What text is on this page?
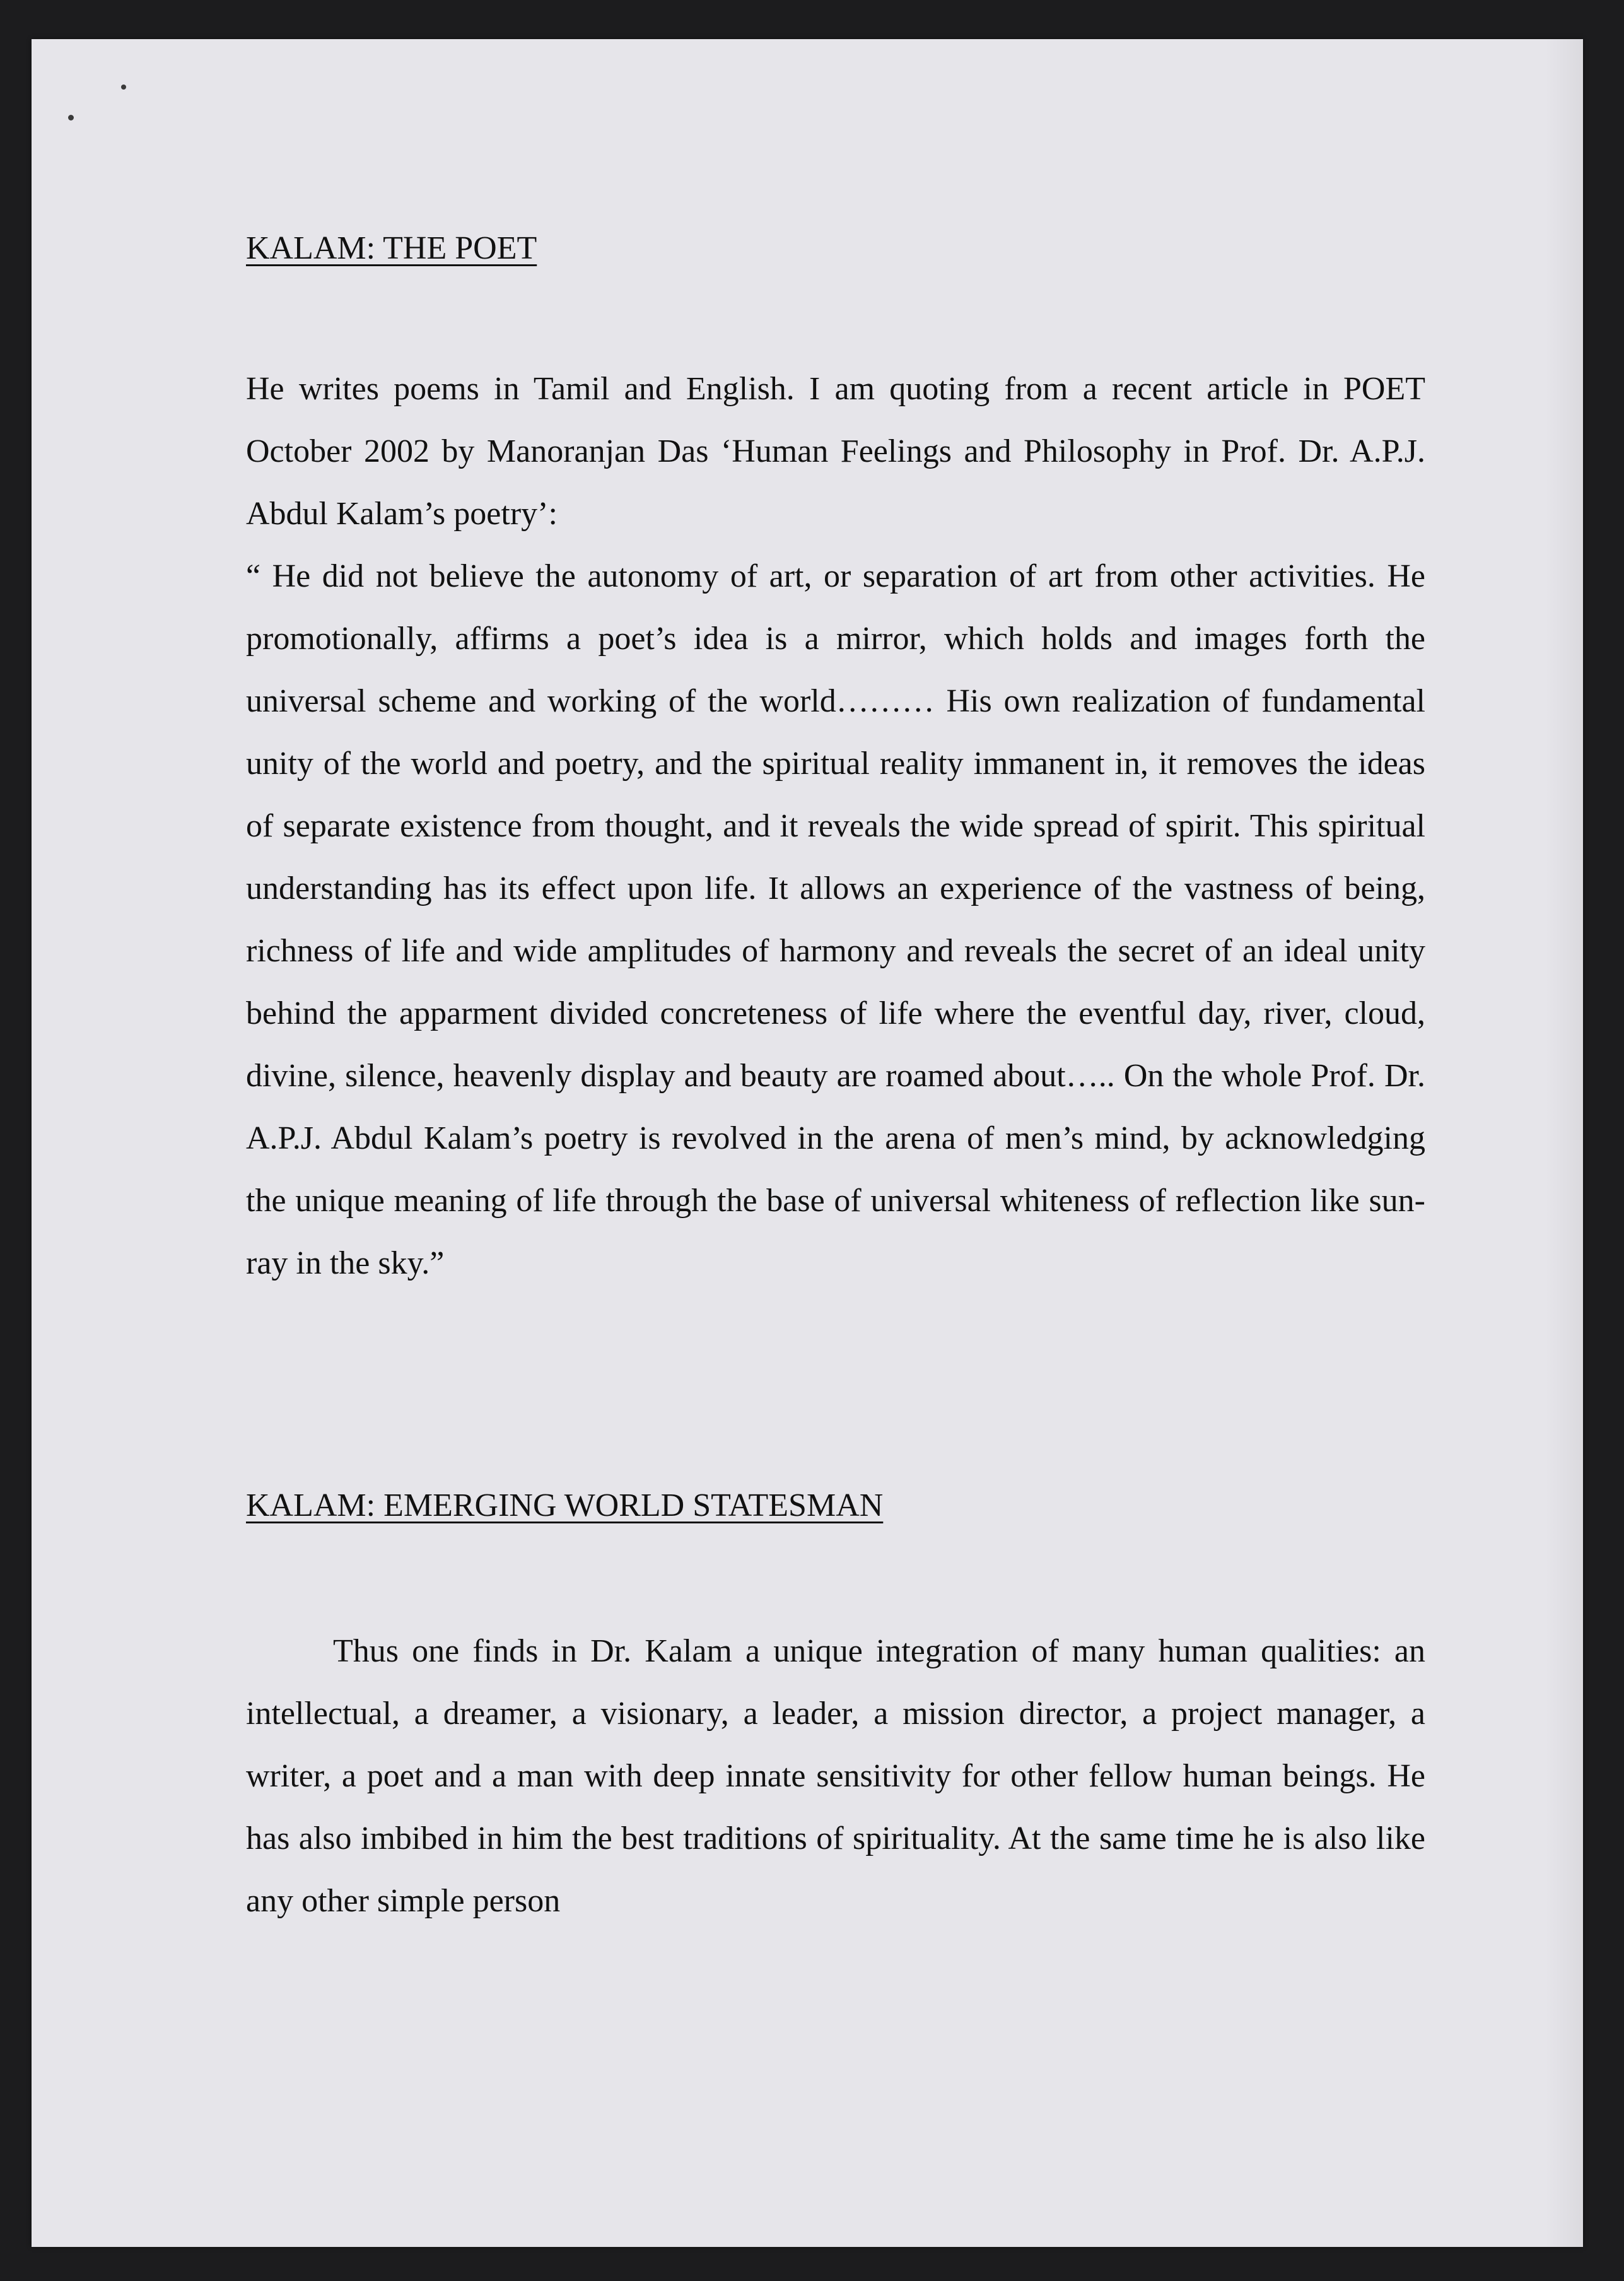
KALAM: THE POET

He writes poems in Tamil and English. I am quoting from a recent article in POET October 2002 by Manoranjan Das ‘Human Feelings and Philosophy in Prof. Dr. A.P.J. Abdul Kalam’s poetry’:

“ He did not believe the autonomy of art, or separation of art from other activities. He promotionally, affirms a poet’s idea is a mirror, which holds and images forth the universal scheme and working of the world……… His own realization of fundamental unity of the world and poetry, and the spiritual reality immanent in, it removes the ideas of separate existence from thought, and it reveals the wide spread of spirit. This spiritual understanding has its effect upon life. It allows an experience of the vastness of being, richness of life and wide amplitudes of harmony and reveals the secret of an ideal unity behind the apparment divided concreteness of life where the eventful day, river, cloud, divine, silence, heavenly display and beauty are roamed about….. On the whole Prof. Dr. A.P.J. Abdul Kalam’s poetry is revolved in the arena of men’s mind, by acknowledging the unique meaning of life through the base of universal whiteness of reflection like sun-ray in the sky.”

KALAM: EMERGING WORLD STATESMAN

Thus one finds in Dr. Kalam a unique integration of many human qualities: an intellectual, a dreamer, a visionary, a leader, a mission director, a project manager, a writer, a poet and a man with deep innate sensitivity for other fellow human beings. He has also imbibed in him the best traditions of spirituality. At the same time he is also like any other simple person
